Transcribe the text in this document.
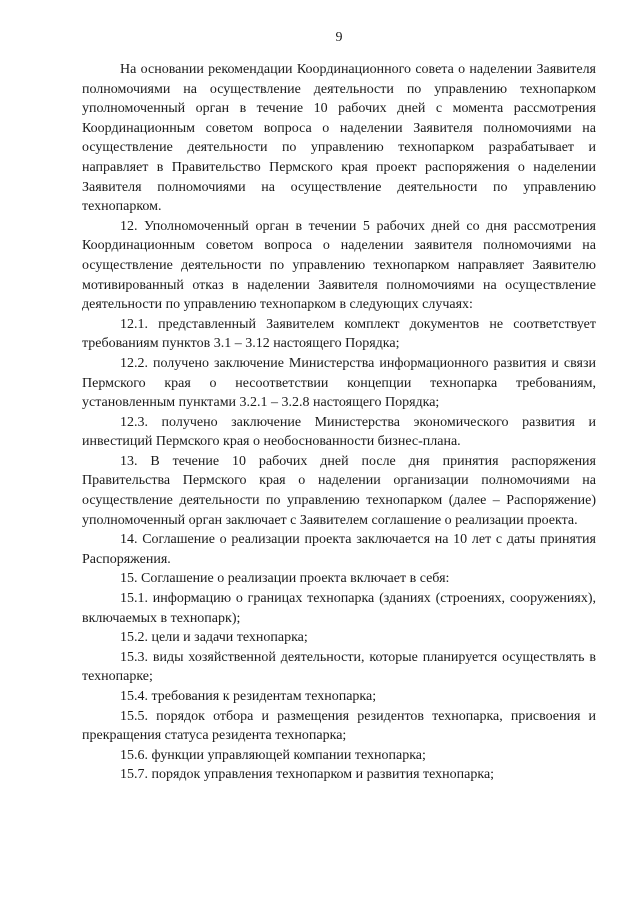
9

На основании рекомендации Координационного совета о наделении Заявителя полномочиями на осуществление деятельности по управлению технопарком уполномоченный орган в течение 10 рабочих дней с момента рассмотрения Координационным советом вопроса о наделении Заявителя полномочиями на осуществление деятельности по управлению технопарком разрабатывает и направляет в Правительство Пермского края проект распоряжения о наделении Заявителя полномочиями на осуществление деятельности по управлению технопарком.

12. Уполномоченный орган в течении 5 рабочих дней со дня рассмотрения Координационным советом вопроса о наделении заявителя полномочиями на осуществление деятельности по управлению технопарком направляет Заявителю мотивированный отказ в наделении Заявителя полномочиями на осуществление деятельности по управлению технопарком в следующих случаях:

12.1. представленный Заявителем комплект документов не соответствует требованиям пунктов 3.1 – 3.12 настоящего Порядка;

12.2. получено заключение Министерства информационного развития и связи Пермского края о несоответствии концепции технопарка требованиям, установленным пунктами 3.2.1 – 3.2.8 настоящего Порядка;

12.3. получено заключение Министерства экономического развития и инвестиций Пермского края о необоснованности бизнес-плана.

13. В течение 10 рабочих дней после дня принятия распоряжения Правительства Пермского края о наделении организации полномочиями на осуществление деятельности по управлению технопарком (далее – Распоряжение) уполномоченный орган заключает с Заявителем соглашение о реализации проекта.

14. Соглашение о реализации проекта заключается на 10 лет с даты принятия Распоряжения.

15. Соглашение о реализации проекта включает в себя:

15.1. информацию о границах технопарка (зданиях (строениях, сооружениях), включаемых в технопарк);

15.2. цели и задачи технопарка;

15.3. виды хозяйственной деятельности, которые планируется осуществлять в технопарке;

15.4. требования к резидентам технопарка;

15.5. порядок отбора и размещения резидентов технопарка, присвоения и прекращения статуса резидента технопарка;

15.6. функции управляющей компании технопарка;

15.7. порядок управления технопарком и развития технопарка;
